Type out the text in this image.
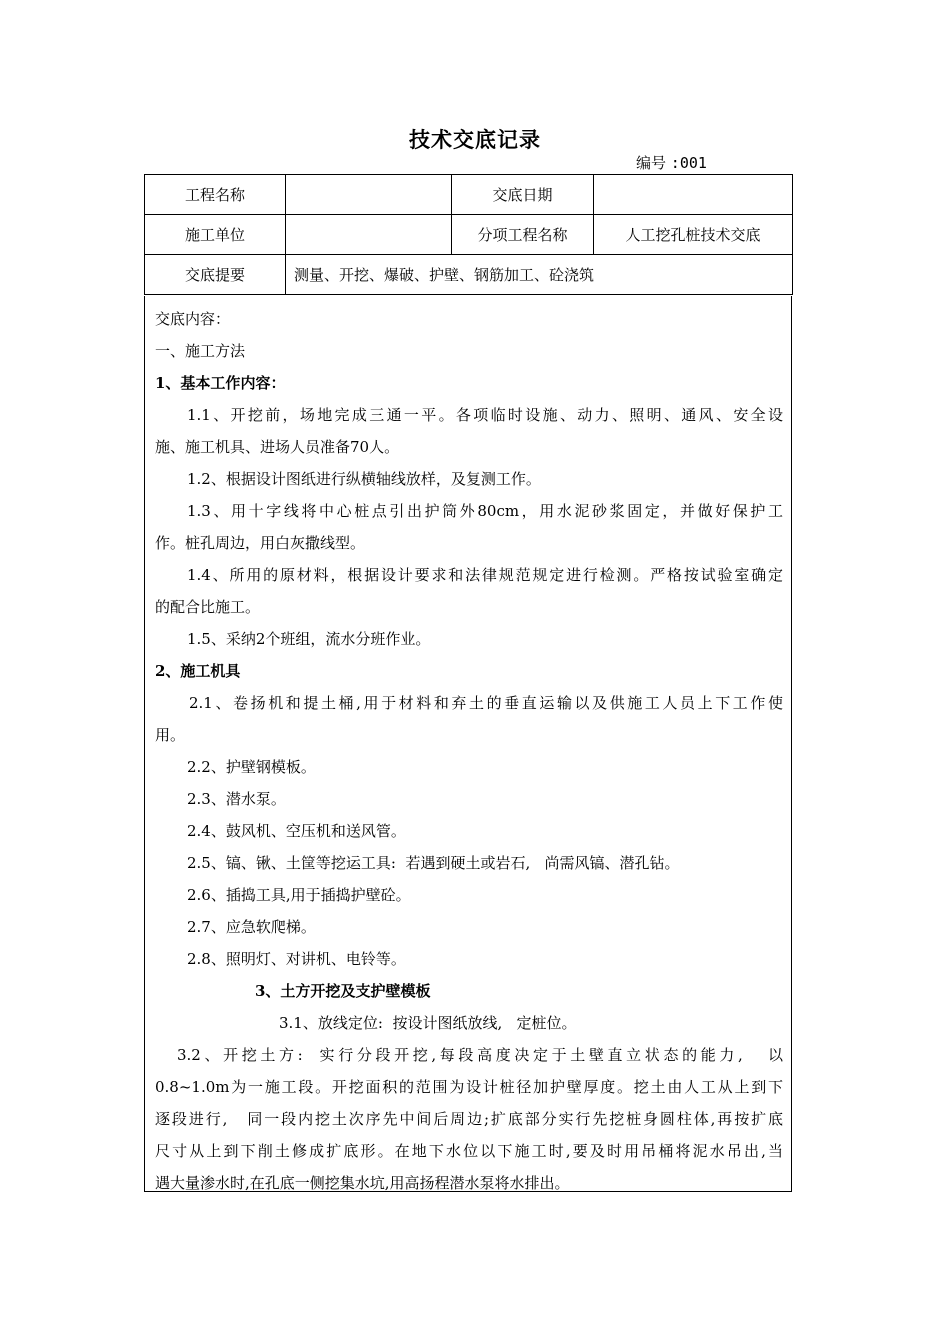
技术交底记录
编号 :001
工程名称		交底日期	
施工单位		分项工程名称	人工挖孔桩技术交底
交底提要	测量、开挖、爆破、护壁、钢筋加工、砼浇筑		
交底内容：
一、施工方法
1、基本工作内容：
1.1、开挖前，场地完成三通一平。各项临时设施、动力、照明、通风、安全设
施、施工机具、进场人员准备70人。
1.2、根据设计图纸进行纵横轴线放样，及复测工作。
1.3、用十字线将中心桩点引出护筒外80cm，用水泥砂浆固定，并做好保护工
作。桩孔周边，用白灰撒线型。
1.4、所用的原材料，根据设计要求和法律规范规定进行检测。严格按试验室确定
的配合比施工。
1.5、采纳2个班组，流水分班作业。
2、施工机具
2.1、卷扬机和提土桶,用于材料和弃土的垂直运输以及供施工人员上下工作使
用。
2.2、护壁钢模板。
2.3、潜水泵。
2.4、鼓风机、空压机和送风管。
2.5、镐、锹、土筐等挖运工具:  若遇到硬土或岩石,   尚需风镐、潜孔钻。
2.6、插捣工具,用于插捣护壁砼。
2.7、应急软爬梯。
2.8、照明灯、对讲机、电铃等。
3、土方开挖及支护壁模板
3.1、放线定位:  按设计图纸放线,   定桩位。
3.2、开挖土方:  实行分段开挖,每段高度决定于土壁直立状态的能力,   以
0.8~1.0m为一施工段。开挖面积的范围为设计桩径加护壁厚度。挖土由人工从上到下
逐段进行,   同一段内挖土次序先中间后周边;扩底部分实行先挖桩身圆柱体,再按扩底
尺寸从上到下削土修成扩底形。在地下水位以下施工时,要及时用吊桶将泥水吊出,当
遇大量渗水时,在孔底一侧挖集水坑,用高扬程潜水泵将水排出。
